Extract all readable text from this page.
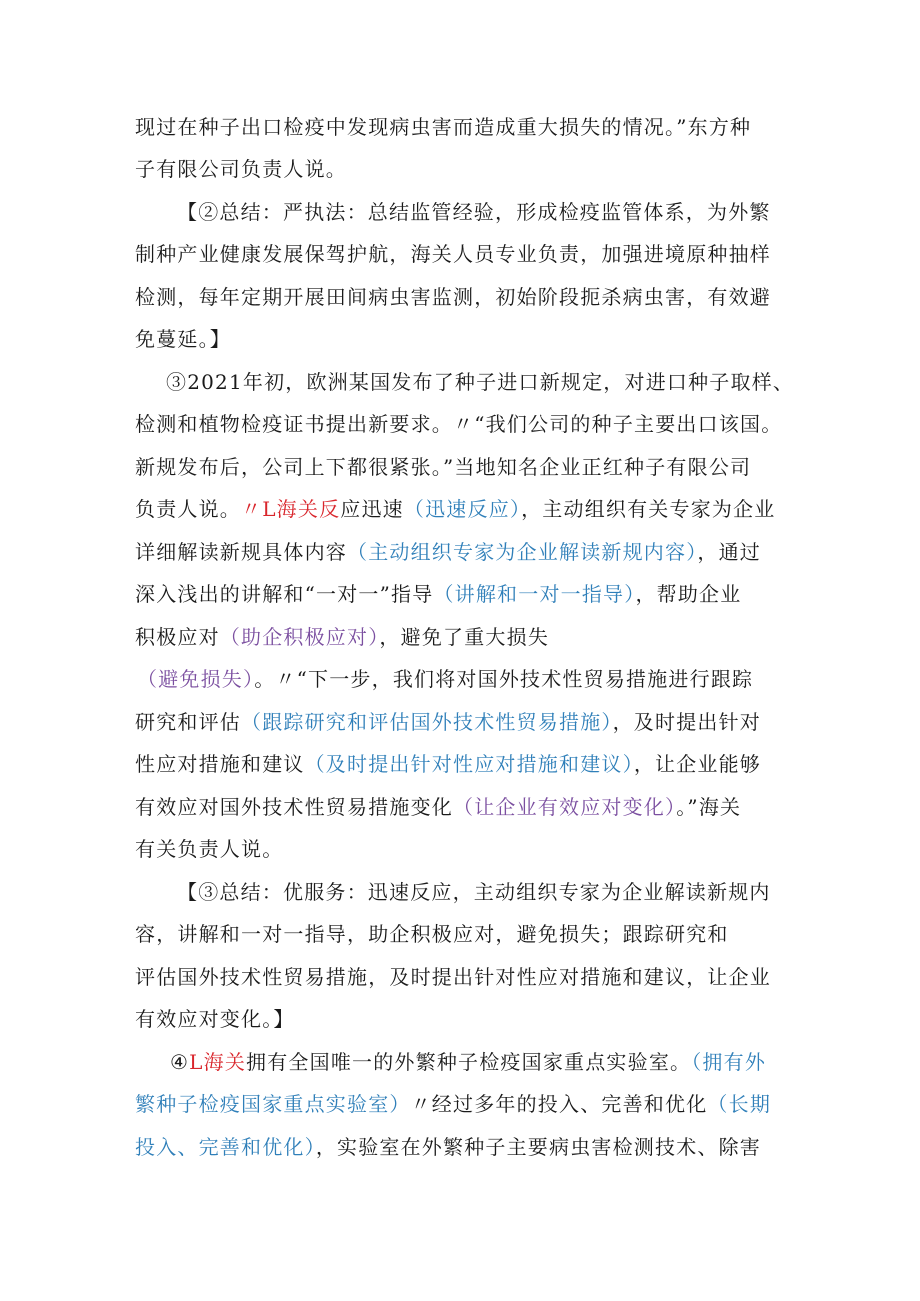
现过在种子出口检疫中发现病虫害而造成重大损失的情况。”东方种
子有限公司负责人说。
【②总结：严执法：总结监管经验，形成检疫监管体系，为外繁
制种产业健康发展保驾护航，海关人员专业负责，加强进境原种抽样
检测，每年定期开展田间病虫害监测，初始阶段扼杀病虫害，有效避
免蔓延。】
③2021年初，欧洲某国发布了种子进口新规定，对进口种子取样、
检测和植物检疫证书提出新要求。〃“我们公司的种子主要出口该国。
新规发布后，公司上下都很紧张。”当地知名企业正红种子有限公司
负责人说。〃L海关反应迅速（迅速反应），主动组织有关专家为企业
详细解读新规具体内容（主动组织专家为企业解读新规内容），通过
深入浅出的讲解和“一对一”指导（讲解和一对一指导），帮助企业
积极应对（助企积极应对），避免了重大损失
（避免损失）。〃“下一步，我们将对国外技术性贸易措施进行跟踪
研究和评估（跟踪研究和评估国外技术性贸易措施），及时提出针对
性应对措施和建议（及时提出针对性应对措施和建议），让企业能够
有效应对国外技术性贸易措施变化（让企业有效应对变化）。”海关
有关负责人说。
【③总结：优服务：迅速反应，主动组织专家为企业解读新规内
容，讲解和一对一指导，助企积极应对，避免损失；跟踪研究和
评估国外技术性贸易措施，及时提出针对性应对措施和建议，让企业
有效应对变化。】
④L海关拥有全国唯一的外繁种子检疫国家重点实验室。（拥有外
繁种子检疫国家重点实验室）〃经过多年的投入、完善和优化（长期
投入、完善和优化），实验室在外繁种子主要病虫害检测技术、除害
